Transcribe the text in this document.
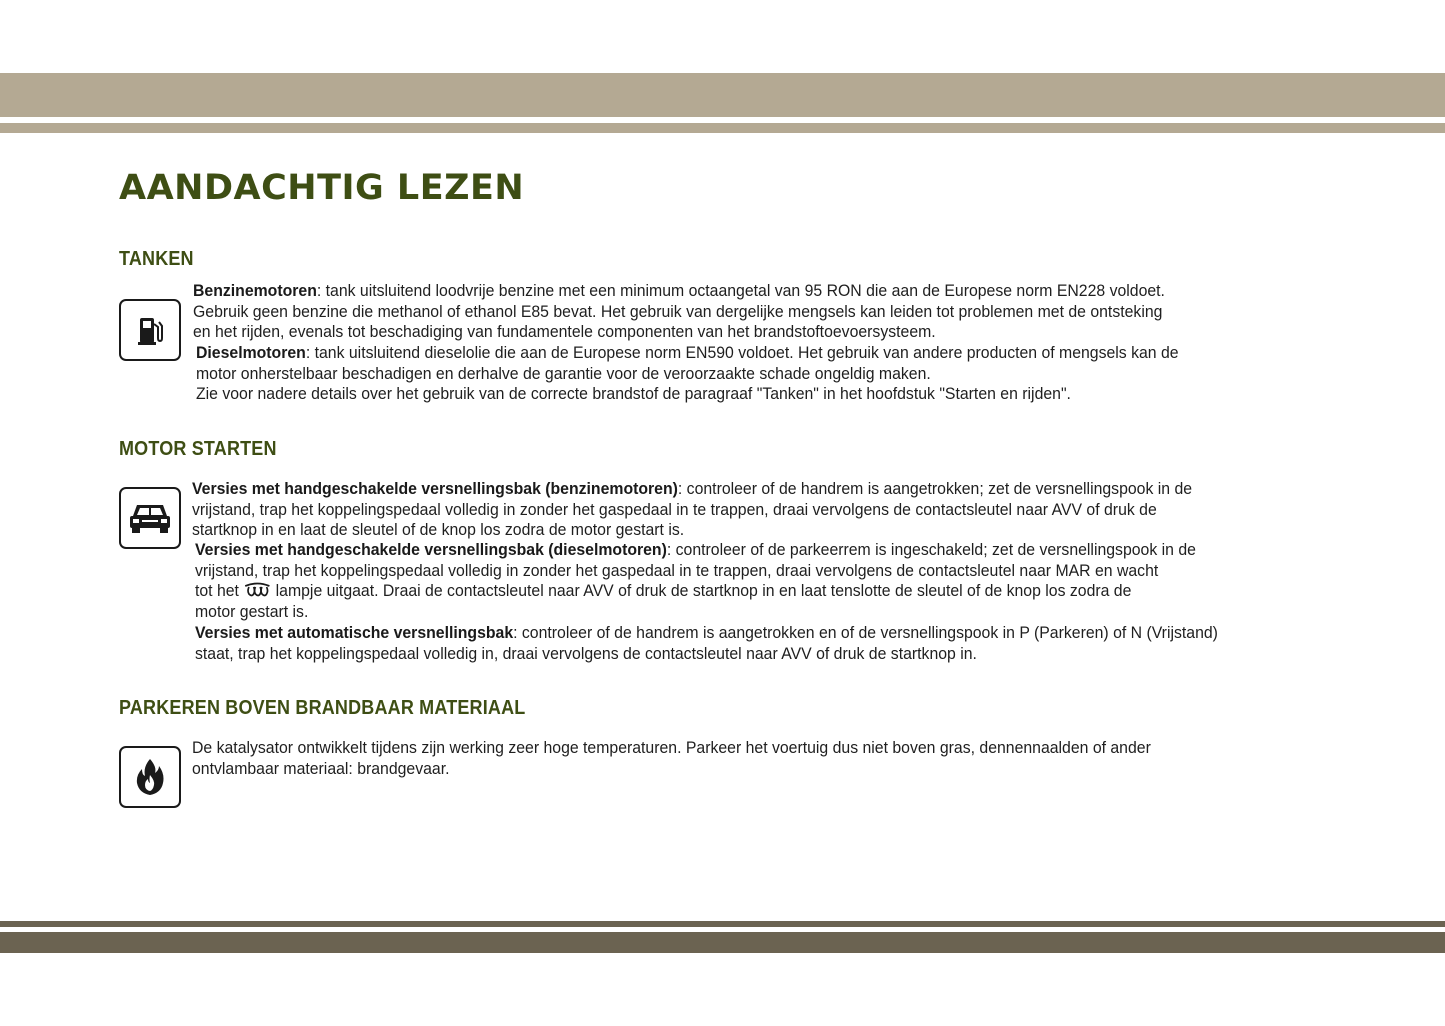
AANDACHTIG LEZEN
TANKEN

Benzinemotoren: tank uitsluitend loodvrije benzine met een minimum octaangetal van 95 RON die aan de Europese norm EN228 voldoet.
Gebruik geen benzine die methanol of ethanol E85 bevat. Het gebruik van dergelijke mengsels kan leiden tot problemen met de ontsteking
en het rijden, evenals tot beschadiging van fundamentele componenten van het brandstoftoevoersysteem.

Dieselmotoren: tank uitsluitend dieselolie die aan de Europese norm EN590 voldoet. Het gebruik van andere producten of mengsels kan de
motor onherstelbaar beschadigen en derhalve de garantie voor de veroorzaakte schade ongeldig maken.
Zie voor nadere details over het gebruik van de correcte brandstof de paragraaf "Tanken" in het hoofdstuk "Starten en rijden".

MOTOR STARTEN

Versies met handgeschakelde versnellingsbak (benzinemotoren): controleer of de handrem is aangetrokken; zet de versnellingspook in de
vrijstand, trap het koppelingspedaal volledig in zonder het gaspedaal in te trappen, draai vervolgens de contactsleutel naar AVV of druk de
startknop in en laat de sleutel of de knop los zodra de motor gestart is.

Versies met handgeschakelde versnellingsbak (dieselmotoren): controleer of de parkeerrem is ingeschakeld; zet de versnellingspook in de
vrijstand, trap het koppelingspedaal volledig in zonder het gaspedaal in te trappen, draai vervolgens de contactsleutel naar MAR en wacht
tot het lampje uitgaat. Draai de contactsleutel naar AVV of druk de startknop in en laat tenslotte de sleutel of de knop los zodra de
motor gestart is.

Versies met automatische versnellingsbak: controleer of de handrem is aangetrokken en of de versnellingspook in P (Parkeren) of N (Vrijstand)
staat, trap het koppelingspedaal volledig in, draai vervolgens de contactsleutel naar AVV of druk de startknop in.

PARKEREN BOVEN BRANDBAAR MATERIAAL

De katalysator ontwikkelt tijdens zijn werking zeer hoge temperaturen. Parkeer het voertuig dus niet boven gras, dennennaalden of ander
ontvlambaar materiaal: brandgevaar.
